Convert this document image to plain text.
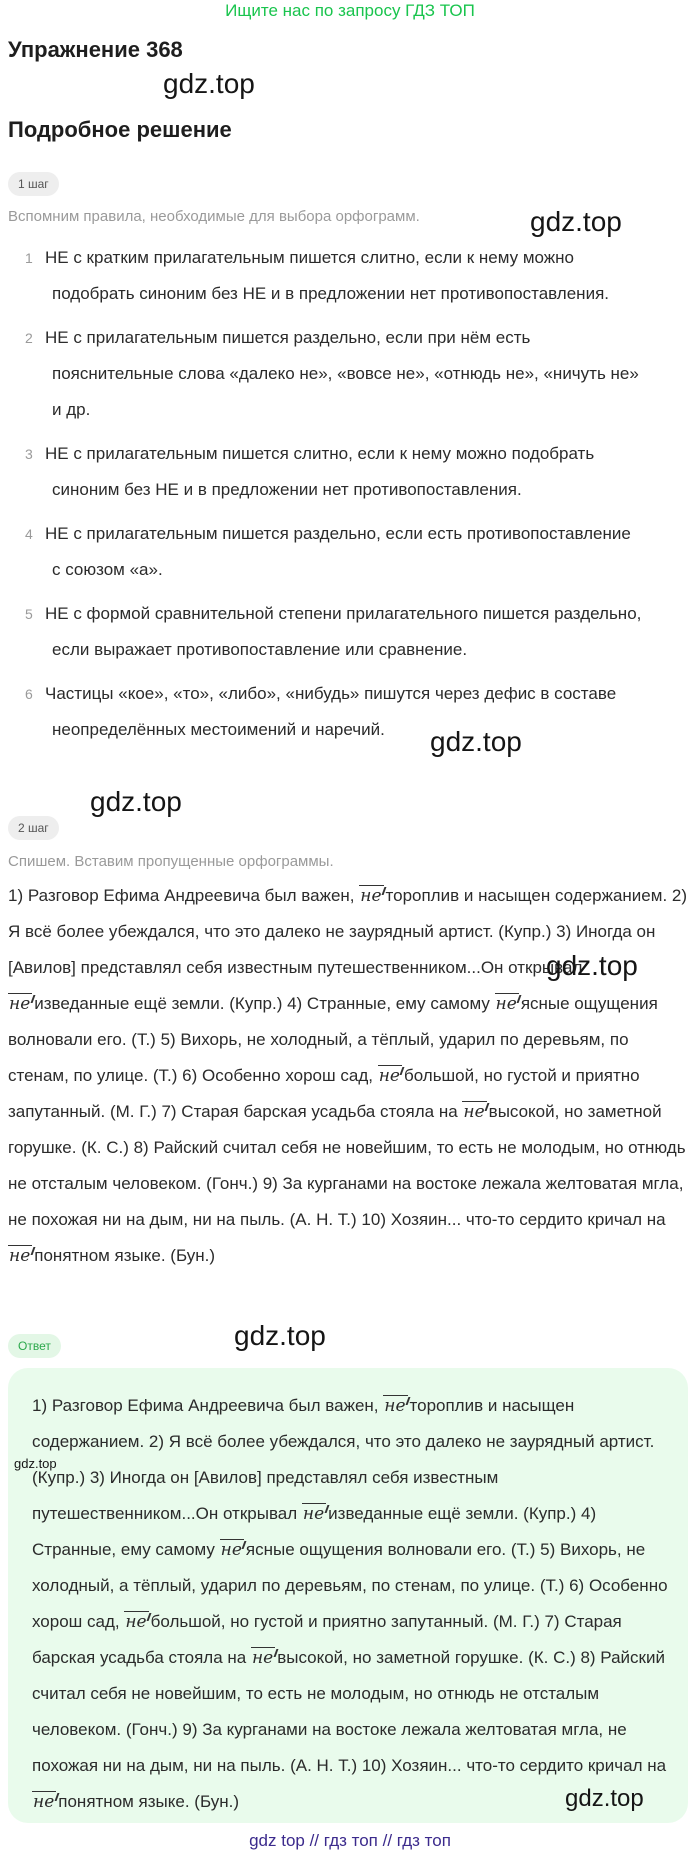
Ищите нас по запросу ГДЗ ТОП
Упражнение 368
gdz.top
Подробное решение
1 шаг
Вспомним правила, необходимые для выбора орфограмм.	gdz.top
1 НЕ с кратким прилагательным пишется слитно, если к нему можно
подобрать синоним без НЕ и в предложении нет противопоставления.
2 НЕ с прилагательным пишется раздельно, если при нём есть
пояснительные слова «далеко не», «вовсе не», «отнюдь не», «ничуть не»
и др.
3 НЕ с прилагательным пишется слитно, если к нему можно подобрать
синоним без НЕ и в предложении нет противопоставления.
4 НЕ с прилагательным пишется раздельно, если есть противопоставление
с союзом «а».
5 НЕ с формой сравнительной степени прилагательного пишется раздельно,
если выражает противопоставление или сравнение.
6 Частицы «кое», «то», «либо», «нибудь» пишутся через дефис в составе
неопределённых местоимений и наречий.	gdz.top
gdz.top
2 шаг
Спишем. Вставим пропущенные орфограммы.
1) Разговор Ефима Андреевича был важен, не тороплив и насыщен содержанием. 2) Я всё более убеждался, что это далеко не заурядный артист. (Купр.) 3) Иногда он [Авилов] представлял себя известным путешественником...Он открывал не изведанные ещё земли. (Купр.) 4) Странные, ему самому не ясные ощущения волновали его. (Т.) 5) Вихорь, не холодный, а тёплый, ударил по деревьям, по стенам, по улице. (Т.) 6) Особенно хорош сад, не большой, но густой и приятно запутанный. (М. Г.) 7) Старая барская усадьба стояла на не высокой, но заметной горушке. (К. С.) 8) Райский считал себя не новейшим, то есть не молодым, но отнюдь не отсталым человеком. (Гонч.) 9) За курганами на востоке лежала желтоватая мгла, не похожая ни на дым, ни на пыль. (А. Н. Т.) 10) Хозяин... что-то сердито кричал на не понятном языке. (Бун.)
gdz.top
Ответ	gdz.top
1) Разговор Ефима Андреевича был важен, не тороплив и насыщен содержанием. 2) Я всё более убеждался, что это далеко не заурядный артист. (Купр.) 3) Иногда он [Авилов] представлял себя известным путешественником...Он открывал не изведанные ещё земли. (Купр.) 4) Странные, ему самому не ясные ощущения волновали его. (Т.) 5) Вихорь, не холодный, а тёплый, ударил по деревьям, по стенам, по улице. (Т.) 6) Особенно хорош сад, не большой, но густой и приятно запутанный. (М. Г.) 7) Старая барская усадьба стояла на не высокой, но заметной горушке. (К. С.) 8) Райский считал себя не новейшим, то есть не молодым, но отнюдь не отсталым человеком. (Гонч.) 9) За курганами на востоке лежала желтоватая мгла, не похожая ни на дым, ни на пыль. (А. Н. Т.) 10) Хозяин... что-то сердито кричал на не понятном языке. (Бун.)
gdz.top
gdz.top
gdz top // гдз топ // гдз топ
